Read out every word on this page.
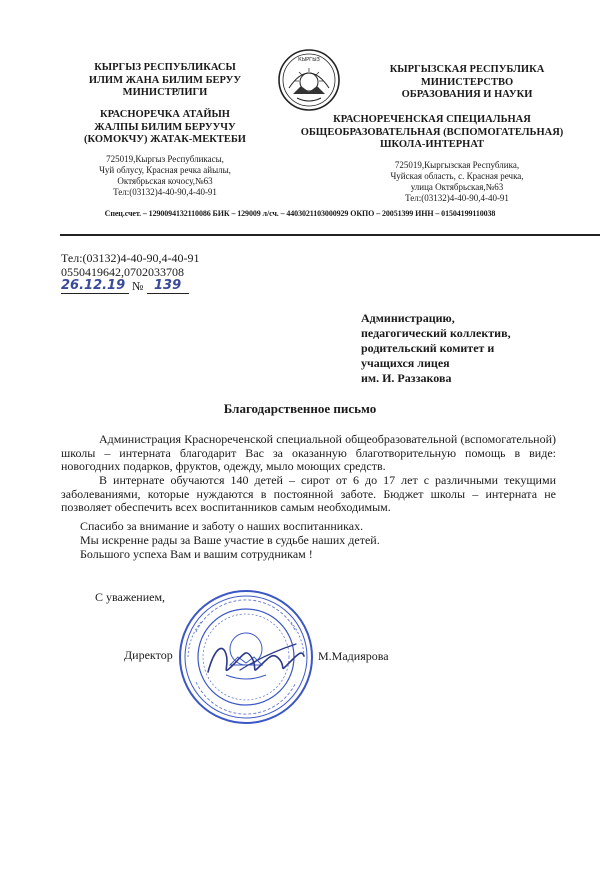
КЫРГЫЗ РЕСПУБЛИКАСЫ
ИЛИМ ЖАНА БИЛИМ БЕРУУ
МИНИСТРЛИГИ
КРАСНОРЕЧКА АТАЙЫН
ЖАЛПЫ БИЛИМ БЕРУУЧУ
(КОМОКЧУ) ЖАТАК-МЕКТЕБИ
725019,Кыргыз Республикасы,
Чуй облусу, Красная речка айылы,
Октябрьская кочосу,№63
Тел:(03132)4-40-90,4-40-91
КЫРГЫЗ
КЫРГЫЗСКАЯ РЕСПУБЛИКА
МИНИСТЕРСТВО
ОБРАЗОВАНИЯ И НАУКИ
КРАСНОРЕЧЕНСКАЯ СПЕЦИАЛЬНАЯ
ОБЩЕОБРАЗОВАТЕЛЬНАЯ (ВСПОМОГАТЕЛЬНАЯ)
ШКОЛА-ИНТЕРНАТ
725019,Кыргызская Республика,
Чуйская область, с. Красная речка,
улица Октябрьская,№63
Тел:(03132)4-40-90,4-40-91
Спец.счет. – 1290094132110086 БИК – 129009 л/сч. – 4403021103000929 ОКПО – 20051399 ИНН – 01504199110038
Тел:(03132)4-40-90,4-40-91
0550419642,0702033708
26.12.19 № 139
Администрацию,
педагогический коллектив,
родительский комитет и
учащихся лицея
им. И. Раззакова
Благодарственное письмо
Администрация Красноречeнской специальной общеобразовательной (вспомогательной) школы – интерната благодарит Вас за оказанную благотворительную помощь в виде: новогодних подарков, фруктов, одежду, мыло моющих средств.
В интернате обучаются 140 детей – сирот от 6 до 17 лет с различными текущими заболеваниями, которые нуждаются в постоянной заботе. Бюджет школы – интерната не позволяет обеспечить всех воспитанников самым необходимым.
Спасибо за внимание и заботу о наших воспитанниках.
Мы искренне рады за Ваше участие в судьбе наших детей.
Большого успеха Вам и вашим сотрудникам !
С уважением,
Директор	М.Мадиярова
